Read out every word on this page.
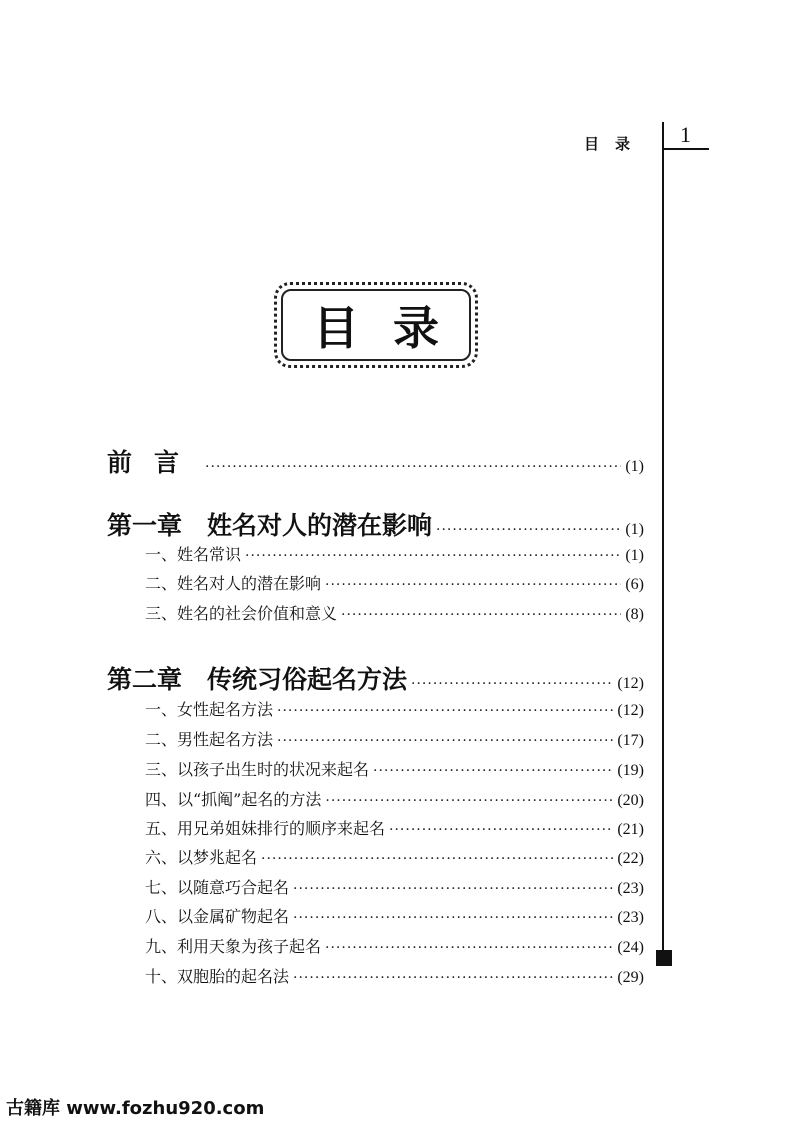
目录 1
目录
前言 ·····	(1)
第一章　姓名对人的潜在影响 ·····	(1)
一、姓名常识 ·····	(1)
二、姓名对人的潜在影响 ·····	(6)
三、姓名的社会价值和意义 ·····	(8)
第二章　传统习俗起名方法 ·····	(12)
一、女性起名方法 ·····	(12)
二、男性起名方法 ·····	(17)
三、以孩子出生时的状况来起名 ·····	(19)
四、以“抓阄”起名的方法 ·····	(20)
五、用兄弟姐妹排行的顺序来起名 ·····	(21)
六、以梦兆起名 ·····	(22)
七、以随意巧合起名 ·····	(23)
八、以金属矿物起名 ·····	(23)
九、利用天象为孩子起名 ·····	(24)
十、双胞胎的起名法 ·····	(29)
古籍库 www.fozhu920.com
